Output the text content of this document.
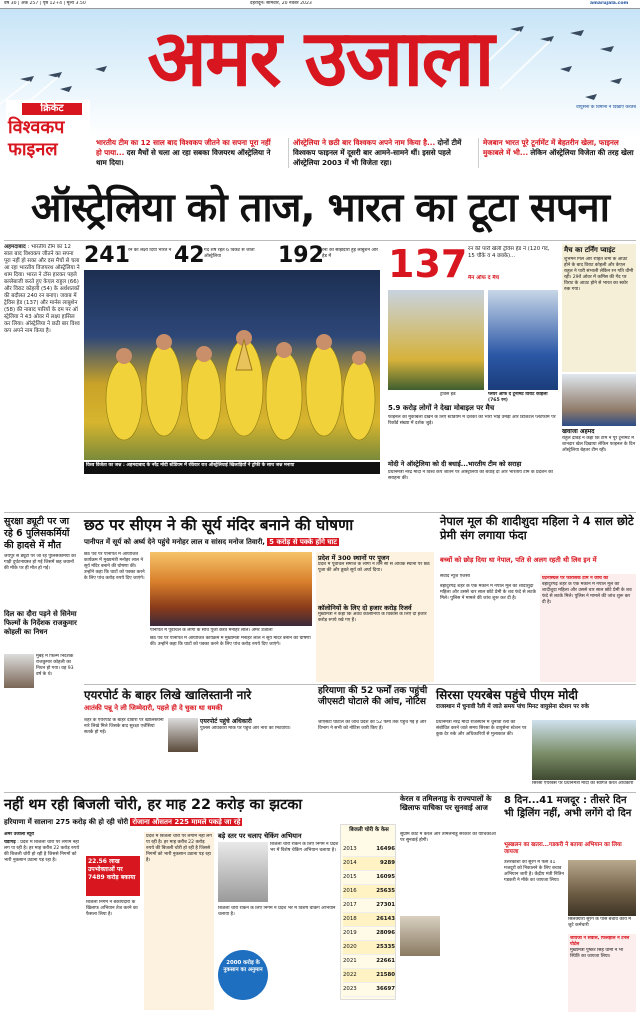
वर्ष 30 | अंक 257 | पृष्ठ 12+4 | मूल्य 3.50	देहरादून। सोमवार, 20 नवंबर 2023	amarujala.com
अमर उजाला
वायुसेना के विमानों ने दिखाए करतब
क्रिकेट
विश्वकप
फाइनल	भारतीय टीम का 12 साल बाद विश्वकप जीतने का सपना पूरा नहीं हो पाया... दस मैचों से चला आ रहा सबका विजयरथ ऑस्ट्रेलिया ने थाम दिया।
ऑस्ट्रेलिया ने छठी बार विश्वकप अपने नाम किया है... दोनों टीमें विश्वकप फाइनल में दूसरी बार आमने-सामने थीं। इससे पहले ऑस्ट्रेलिया 2003 में भी विजेता रहा।
मेजबान भारत पूरे टूर्नामेंट में बेहतरीन खेला, फाइनल मुकाबले में भी... लेकिन ऑस्ट्रेलिया विजेता की तरह खेला
ऑस्ट्रेलिया को ताज, भारत का टूटा सपना
अहमदाबाद : भारतीय टीम का 12 साल बाद विश्वकप जीतने का सपना पूरा नहीं हो सका और दस मैचों से चला आ रहा भारतीय विजयरथ ऑस्ट्रेलिया ने थाम दिया। भारत ने टॉस हारकर पहले बल्लेबाजी करते हुए केएल राहुल (66) और विराट कोहली (54) के अर्धशतकों की बदौलत 240 रन बनाए। जवाब में ट्रेविस हेड (137) और मार्नस लाबुशेन (58) की नाबाद पारियों के दम पर ऑस्ट्रेलिया ने 43 ओवर में लक्ष्य हासिल कर लिया। ऑस्ट्रेलिया ने छठी बार विश्वकप अपने नाम किया है।
241
रन का लक्ष्य दिया भारत ने 42 गेंद शेष रहते 6 विकेट से जीता ऑस्ट्रेलिया	192
रनों की साझेदारी हुई लाबुशेन और हेड में
विश्व विजेता का जश्न : अहमदाबाद के नरेंद्र मोदी स्टेडियम में रविवार रात ऑस्ट्रेलियाई खिलाड़ियों ने ट्रॉफी के साथ जश्न मनाया
137 रन की पारी खेली ट्रेविस हेड ने (120 गेंद, 15 चौके व 4 छक्के)...
मैन ऑफ द मैच
ट्रेविस हेड	प्लेयर ऑफ द टूर्नामेंट विराट कोहली (765 रन)
5.9 करोड़ लोगों ने देखा मोबाइल पर मैच
फाइनल का मुकाबला देखने के लिए स्टेडियम में दर्शकों की भारी भीड़ उमड़ी और डिजिटल प्लेटफॉर्म पर रिकॉर्ड संख्या में दर्शक जुड़े।
मोदी ने ऑस्ट्रेलिया को दी बधाई...भारतीय टीम को सराहा
प्रधानमंत्री नरेंद्र मोदी ने विश्व कप जीतने पर ऑस्ट्रेलिया को बधाई दी और भारतीय टीम के प्रदर्शन की सराहना की।
मैच का टर्निंग प्वाइंट
शुभमन गिल और रोहित शर्मा के आउट होने के बाद विराट कोहली और केएल राहुल ने पारी संभाली लेकिन रन गति धीमी रही। 29वें ओवर में कमिंस की गेंद पर विराट के आउट होने से भारत का स्कोर रुक गया।
खवाजा अहमद
राहुल द्रविड़ ने कहा कि टीम ने पूरे टूर्नामेंट में शानदार खेल दिखाया लेकिन फाइनल के दिन ऑस्ट्रेलिया बेहतर टीम रही।
सुरक्षा ड्यूटी पर जा रहे 6 पुलिसकर्मियों की हादसे में मौत
जयपुर से ड्यूटी पर जा रहे पुलिसकर्मियों की गाड़ी दुर्घटनाग्रस्त हो गई जिसमें छह जवानों की मौके पर ही मौत हो गई।
दिल का दौरा पड़ने से सिनेमा फिल्मों के निर्देशक राजकुमार कोहली का निधन
मुंबई में फिल्म निर्देशक राजकुमार कोहली का निधन हो गया। वह 93 वर्ष के थे।
छठ पर सीएम ने की सूर्य मंदिर बनाने की घोषणा
पानीपत में सूर्य को अर्घ्य देने पहुंचे मनोहर लाल व सांसद मनोज तिवारी, 5 करोड़ से पक्के होंगे घाट
छठ पर्व पर पानीपत में आयोजित कार्यक्रम में मुख्यमंत्री मनोहर लाल ने सूर्य मंदिर बनाने की घोषणा की। उन्होंने कहा कि घाटों को पक्का करने के लिए पांच करोड़ रुपये दिए जाएंगे।
पानीपत में पूर्वांचल के लोगों के साथ पूजा करते मनोहर लाल। अमर उजाला
छठ पर्व पर पानीपत में आयोजित कार्यक्रम में मुख्यमंत्री मनोहर लाल ने सूर्य मंदिर बनाने की घोषणा की। उन्होंने कहा कि घाटों को पक्का करने के लिए पांच करोड़ रुपये दिए जाएंगे।
प्रदेश में 300 स्थानों पर पूजन
प्रदेश में पूर्वांचल समाज के लोगों ने तीन सौ से अधिक स्थानों पर छठ पूजा की और डूबते सूर्य को अर्घ्य दिया।
कॉलोनियों के लिए दो हजार करोड़ रिजर्व
मुख्यमंत्री ने कहा कि अवैध कॉलोनियों के विकास के लिए दो हजार करोड़ रुपये रखे गए हैं।
नेपाल मूल की शादीशुदा महिला ने 4 साल छोटे प्रेमी संग लगाया फंदा
बच्चों को छोड़ दिया था नेपाल, पति से अलग रहती थी लिव इन में
संवाद न्यूज एजेंसी
बहादुरगढ़ शहर के एक मकान में नेपाल मूल की शादीशुदा महिला और उससे चार साल छोटे प्रेमी के शव फंदे से लटके मिले। पुलिस ने मामले की जांच शुरू कर दी है।
घटनास्थल पर फोरेंसिक टीम ने जांच की
बहादुरगढ़ शहर के एक मकान में नेपाल मूल की शादीशुदा महिला और उससे चार साल छोटे प्रेमी के शव फंदे से लटके मिले। पुलिस ने मामले की जांच शुरू कर दी है।
एयरपोर्ट के बाहर लिखे खालिस्तानी नारे
आतंकी पन्नू ने ली जिम्मेदारी, पहले ही दे चुका था धमकी
शहर के एयरपोर्ट के बाहर दीवारों पर खालिस्तानी नारे लिखे मिले जिसके बाद सुरक्षा एजेंसियां सतर्क हो गईं।
एयरपोर्ट पहुंचे अधिकारी
पुलिस अधिकारी मौके पर पहुंचे और नारों को मिटवाया।
हरियाणा की 52 फर्मों तक पहुंची जीएसटी घोटाले की आंच, नोटिस
जीएसटी घोटाले की जांच प्रदेश की 52 फर्मों तक पहुंच गई है और विभाग ने सभी को नोटिस जारी किए हैं।
सिरसा एयरबेस पहुंचे पीएम मोदी
राजस्थान में चुनावी रैली में जाते समय पांच मिनट वायुसेना स्टेशन पर रुके
प्रधानमंत्री नरेंद्र मोदी राजस्थान में चुनावी रैली को संबोधित करने जाते समय सिरसा के वायुसेना स्टेशन पर कुछ देर रुके और अधिकारियों से मुलाकात की।
सिरसा एयरबेस पर प्रधानमंत्री मोदी का स्वागत करते अधिकारी
नहीं थम रही बिजली चोरी, हर माह 22 करोड़ का झटका
हरियाणा में सालाना 275 करोड़ की हो रही चोरी रोजाना औसतन 225 मामले पकड़े जा रहे
अमर उजाला ब्यूरो
चंडीगढ़ : प्रदेश में बिजली चोरी पर लगाम नहीं लग पा रही है। हर माह करीब 22 करोड़ रुपये की बिजली चोरी हो रही है जिससे निगमों को भारी नुकसान उठाना पड़ रहा है।	22.56 लाख उपभोक्ताओं पर 7489 करोड़ बकाया
बिजली निगम ने बकायेदारों के खिलाफ अभियान तेज करने का फैसला लिया है।
प्रदेश में बिजली चोरी पर लगाम नहीं लग पा रही है। हर माह करीब 22 करोड़ रुपये की बिजली चोरी हो रही है जिससे निगमों को भारी नुकसान उठाना पड़ रहा है।
बड़े स्तर पर चलाए चेकिंग अभियान
बिजली चोरी रोकने के लिए निगम ने प्रदेश भर में विशेष चेकिंग अभियान चलाया है।
बिजली चोरी रोकने के लिए निगम ने प्रदेश भर में विशेष चेकिंग अभियान चलाया है।
2000 करोड़ के नुकसान का अनुमान
बिजली चोरी के केस
2013	16496
2014	9289
2015	16095
2016	25635
2017	27301
2018	26143
2019	28096
2020	25335
2021	22661
2022	21580
2023	36697
केरल व तमिलनाडु के राज्यपालों के खिलाफ याचिका पर सुनवाई आज
सुप्रीम कोर्ट में केरल और तमिलनाडु सरकार की याचिकाओं पर सुनवाई होगी।
8 दिन...41 मजदूर : तीसरे दिन भी ड्रिलिंग नहीं, अभी लगेंगे दो दिन
भूस्खलन का खतरा...गडकरी ने बताया अभियान का लिया जायजा
उत्तरकाशी की सुरंग में फंसे 41 मजदूरों को निकालने के लिए बचाव अभियान जारी है। केंद्रीय मंत्री नितिन गडकरी ने मौके का जायजा लिया।
सिलक्यारा सुरंग के पास बचाव कार्य में जुटे कर्मचारी
जायजा ने सवाल, फिलहाल न टनल पोर्टल
मुख्यमंत्री पुष्कर सिंह धामी ने भी स्थिति का जायजा लिया।
